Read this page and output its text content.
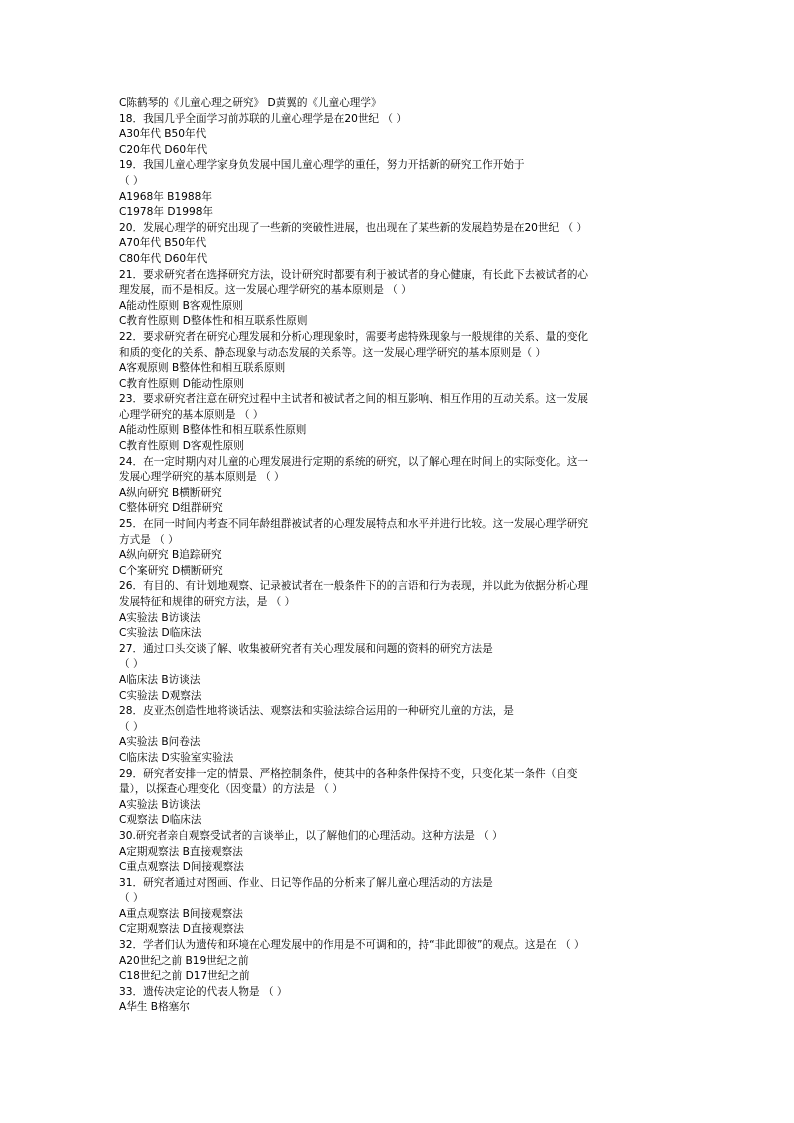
C陈鹤琴的《儿童心理之研究》 D黄翼的《儿童心理学》
18．我国几乎全面学习前苏联的儿童心理学是在20世纪 （ ）
A30年代 B50年代
C20年代 D60年代
19．我国儿童心理学家身负发展中国儿童心理学的重任，努力开括新的研究工作开始于
（ ）
A1968年 B1988年
C1978年 D1998年
20．发展心理学的研究出现了一些新的突破性进展，也出现在了某些新的发展趋势是在20世纪 （ ）
A70年代 B50年代
C80年代 D60年代
21．要求研究者在选择研究方法，设计研究时都要有利于被试者的身心健康，有长此下去被试者的心
理发展，而不是相反。这一发展心理学研究的基本原则是 （ ）
A能动性原则 B客观性原则
C教育性原则 D整体性和相互联系性原则
22．要求研究者在研究心理发展和分析心理现象时，需要考虑特殊现象与一般规律的关系、量的变化
和质的变化的关系、静态现象与动态发展的关系等。这一发展心理学研究的基本原则是（ ）
A客观原则 B整体性和相互联系原则
C教育性原则 D能动性原则
23．要求研究者注意在研究过程中主试者和被试者之间的相互影响、相互作用的互动关系。这一发展
心理学研究的基本原则是 （ ）
A能动性原则 B整体性和相互联系性原则
C教育性原则 D客观性原则
24．在一定时期内对儿童的心理发展进行定期的系统的研究，以了解心理在时间上的实际变化。这一
发展心理学研究的基本原则是 （ ）
A纵向研究 B横断研究
C整体研究 D组群研究
25．在同一时间内考查不同年龄组群被试者的心理发展特点和水平并进行比较。这一发展心理学研究
方式是 （ ）
A纵向研究 B追踪研究
C个案研究 D横断研究
26．有目的、有计划地观察、记录被试者在一般条件下的的言语和行为表现，并以此为依据分析心理
发展特征和规律的研究方法，是 （ ）
A实验法 B访谈法
C实验法 D临床法
27．通过口头交谈了解、收集被研究者有关心理发展和问题的资料的研究方法是
（ ）
A临床法 B访谈法
C实验法 D观察法
28．皮亚杰创造性地将谈话法、观察法和实验法综合运用的一种研究儿童的方法，是
（ ）
A实验法 B问卷法
C临床法 D实验室实验法
29．研究者安排一定的情景、严格控制条件，使其中的各种条件保持不变，只变化某一条件（自变
量），以探查心理变化（因变量）的方法是 （ ）
A实验法 B访谈法
C观察法 D临床法
30.研究者亲自观察受试者的言谈举止，以了解他们的心理活动。这种方法是 （ ）
A定期观察法 B直接观察法
C重点观察法 D间接观察法
31．研究者通过对图画、作业、日记等作品的分析来了解儿童心理活动的方法是
（ ）
A重点观察法 B间接观察法
C定期观察法 D直接观察法
32．学者们认为遗传和环境在心理发展中的作用是不可调和的，持“非此即彼”的观点。这是在 （ ）
A20世纪之前 B19世纪之前
C18世纪之前 D17世纪之前
33．遗传决定论的代表人物是 （ ）
A华生 B格塞尔
